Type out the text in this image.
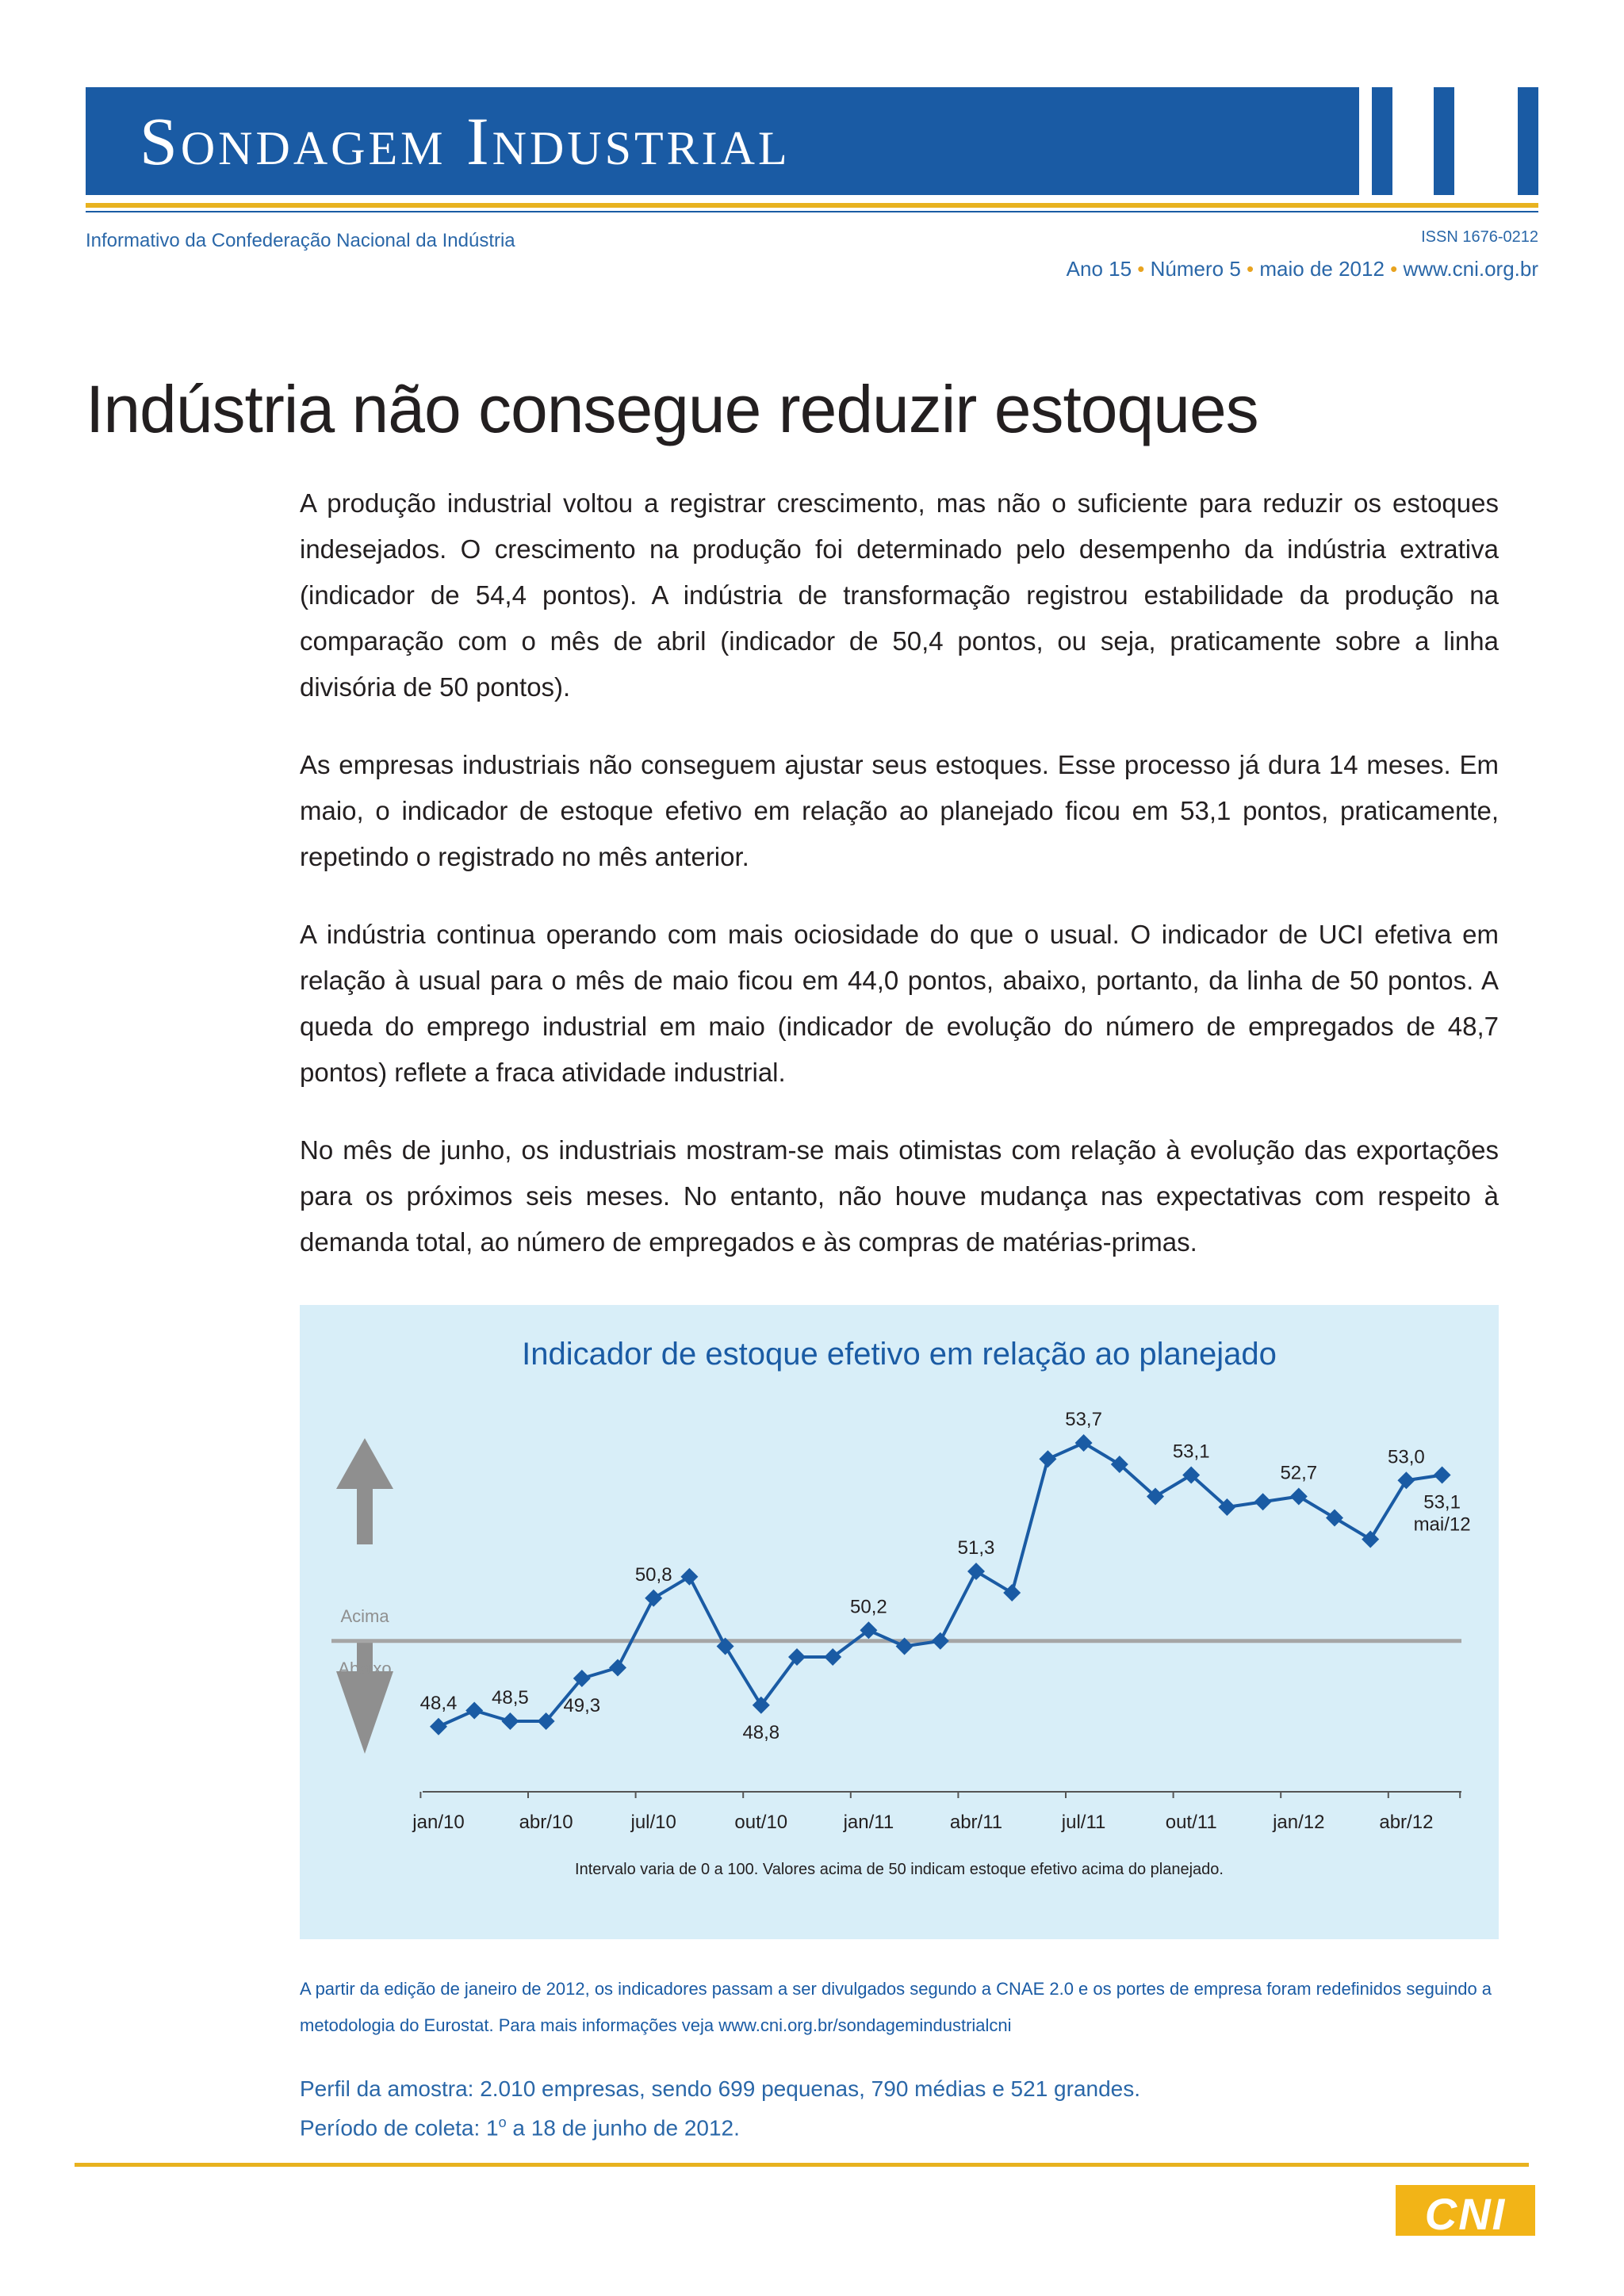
Sondagem Industrial
Informativo da Confederação Nacional da Indústria	ISSN 1676-0212
Ano 15 • Número 5 • maio de 2012 • www.cni.org.br
Indústria não consegue reduzir estoques

A produção industrial voltou a registrar crescimento, mas não o suficiente para reduzir os estoques indesejados. O crescimento na produção foi determinado pelo desempenho da indústria extrativa (indicador de 54,4 pontos). A indústria de transformação registrou estabilidade da produção na comparação com o mês de abril (indicador de 50,4 pontos, ou seja, praticamente sobre a linha divisória de 50 pontos).

As empresas industriais não conseguem ajustar seus estoques. Esse processo já dura 14 meses. Em maio, o indicador de estoque efetivo em relação ao planejado ficou em 53,1 pontos, praticamente, repetindo o registrado no mês anterior.

A indústria continua operando com mais ociosidade do que o usual. O indicador de UCI efetiva em relação à usual para o mês de maio ficou em 44,0 pontos, abaixo, portanto, da linha de 50 pontos. A queda do emprego industrial em maio (indicador de evolução do número de empregados de 48,7 pontos) reflete a fraca atividade industrial.

No mês de junho, os industriais mostram-se mais otimistas com relação à evolução das exportações para os próximos seis meses. No entanto, não houve mudança nas expectativas com respeito à demanda total, ao número de empregados e às compras de matérias-primas.

Acima
Abaixo
jan/10	abr/10	jul/10	out/10	jan/11	abr/11	jul/11	out/11	jan/12	abr/12
48,4 48,5 49,3
50,8
48,8
50,2
51,3
53,7
53,1
52,7
53,0
53,1
mai/12
Intervalo varia de 0 a 100. Valores acima de 50 indicam estoque efetivo acima do planejado.
Indicador de estoque efetivo em relação ao planejado
A partir da edição de janeiro de 2012, os indicadores passam a ser divulgados segundo a CNAE 2.0 e os portes de empresa foram redefinidos seguindo a metodologia do Eurostat. Para mais informações veja www.cni.org.br/sondagemindustrialcni
Perfil da amostra: 2.010 empresas, sendo 699 pequenas, 790 médias e 521 grandes.
Período de coleta: 1$^o$ a 18 de junho de 2012.
CNI
